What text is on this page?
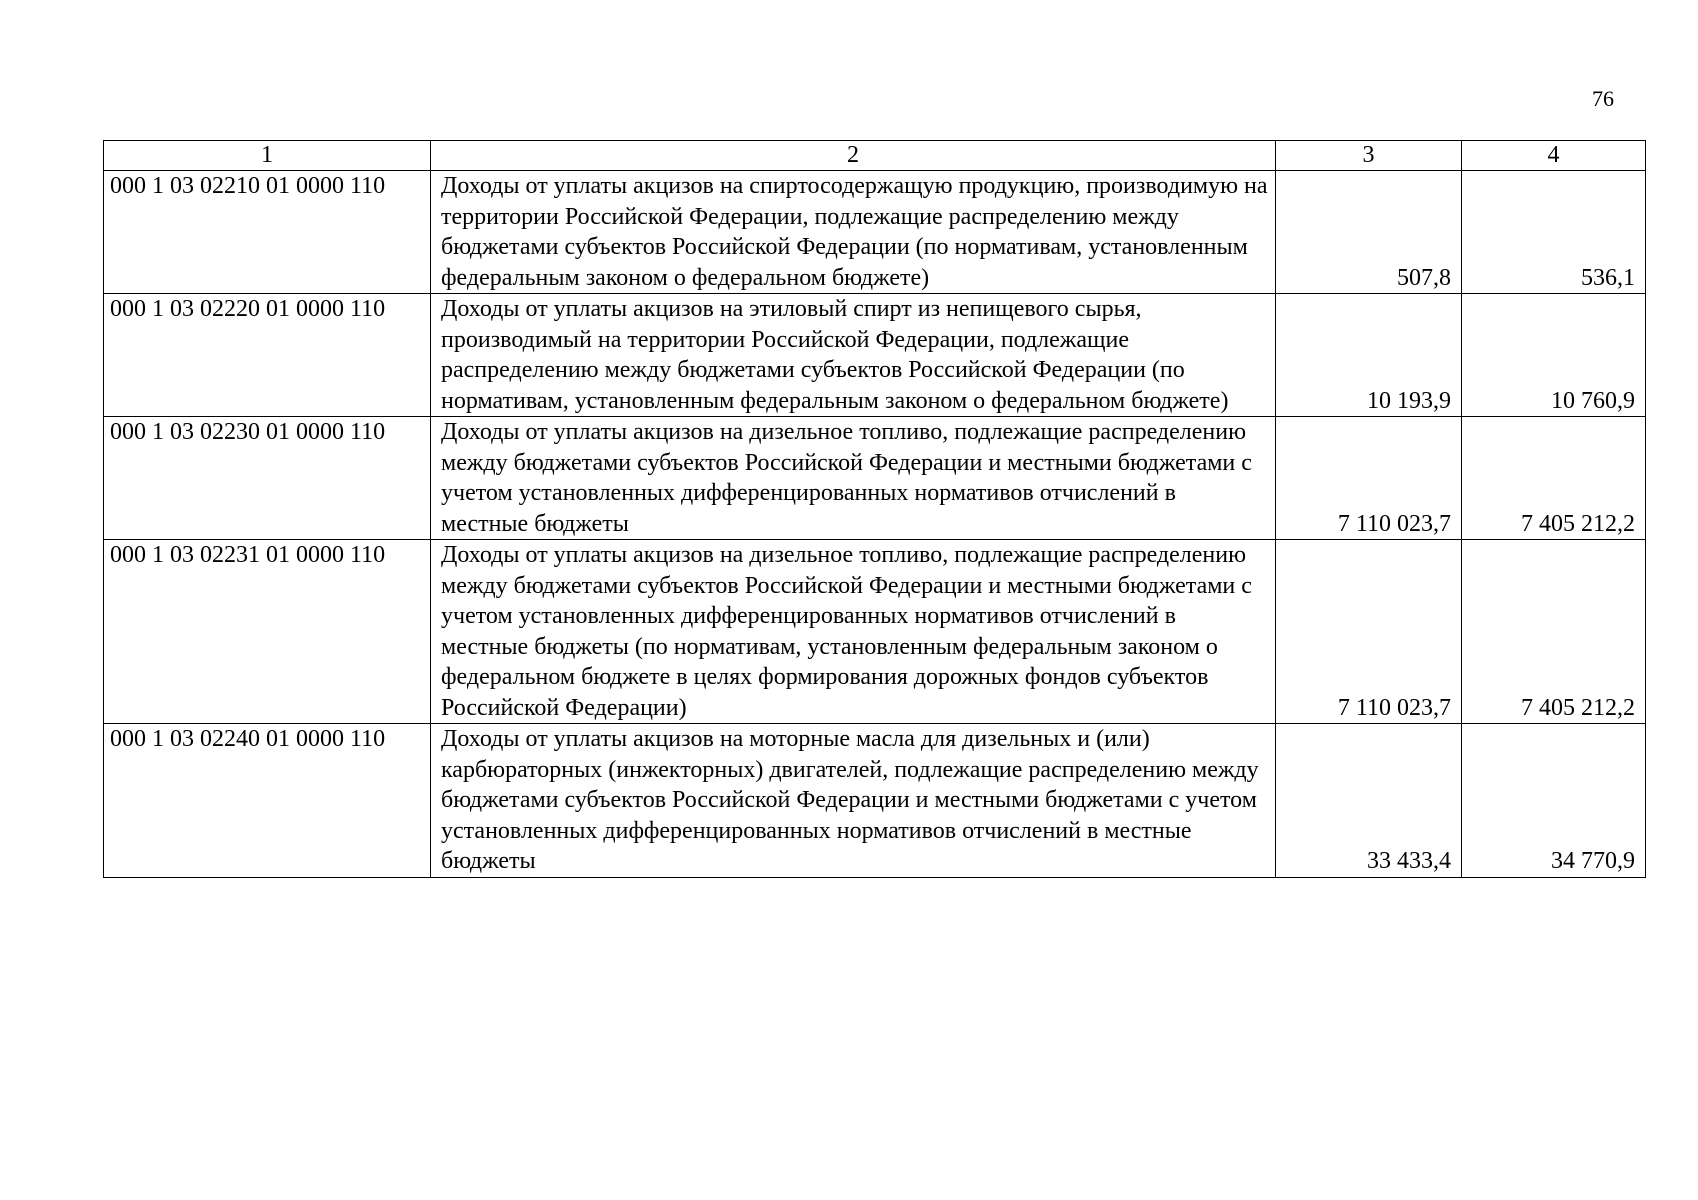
76
1	2	3	4
000 1 03 02210 01 0000 110	Доходы от уплаты акцизов на спиртосодержащую продукцию, производимую на территории Российской Федерации, подлежащие распределению между бюджетами субъектов Российской Федерации (по нормативам, установленным федеральным законом о федеральном бюджете)	507,8	536,1
000 1 03 02220 01 0000 110	Доходы от уплаты акцизов на этиловый спирт из непищевого сырья, производимый на территории Российской Федерации, подлежащие распределению между бюджетами субъектов Российской Федерации (по нормативам, установленным федеральным законом о федеральном бюджете)	10 193,9	10 760,9
000 1 03 02230 01 0000 110	Доходы от уплаты акцизов на дизельное топливо, подлежащие распределению между бюджетами субъектов Российской Федерации и местными бюджетами с учетом установленных дифференцированных нормативов отчислений в местные бюджеты	7 110 023,7	7 405 212,2
000 1 03 02231 01 0000 110	Доходы от уплаты акцизов на дизельное топливо, подлежащие распределению между бюджетами субъектов Российской Федерации и местными бюджетами с учетом установленных дифференцированных нормативов отчислений в местные бюджеты (по нормативам, установленным федеральным законом о федеральном бюджете в целях формирования дорожных фондов субъектов Российской Федерации)	7 110 023,7	7 405 212,2
000 1 03 02240 01 0000 110	Доходы от уплаты акцизов на моторные масла для дизельных и (или) карбюраторных (инжекторных) двигателей, подлежащие распределению между бюджетами субъектов Российской Федерации и местными бюджетами с учетом установленных дифференцированных нормативов отчислений в местные бюджеты	33 433,4	34 770,9
